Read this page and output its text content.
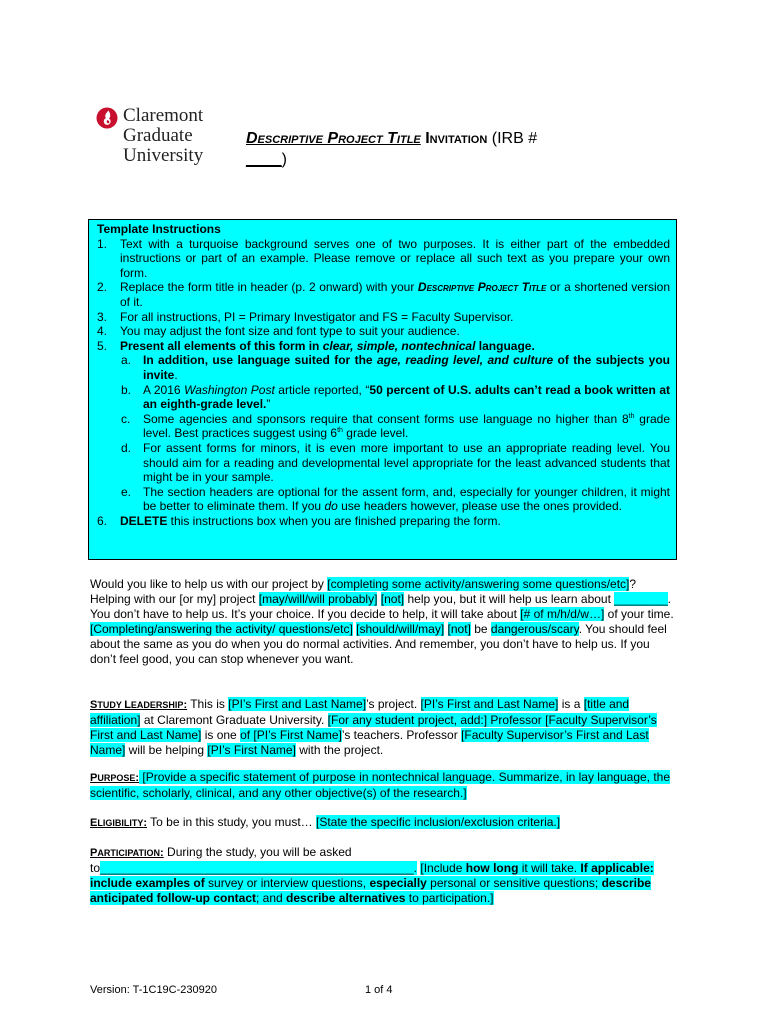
Claremont
Graduate
University
Descriptive Project Title Invitation (IRB #
____)
Template Instructions
1. Text with a turquoise background serves one of two purposes. It is either part of the embedded instructions or part of an example. Please remove or replace all such text as you prepare your own form.
2. Replace the form title in header (p. 2 onward) with your Descriptive Project Title or a shortened version of it.
3. For all instructions, PI = Primary Investigator and FS = Faculty Supervisor.
4. You may adjust the font size and font type to suit your audience.
5. Present all elements of this form in clear, simple, nontechnical language.
a. In addition, use language suited for the age, reading level, and culture of the subjects you invite.
b. A 2016 Washington Post article reported, “50 percent of U.S. adults can’t read a book written at an eighth-grade level.”
c. Some agencies and sponsors require that consent forms use language no higher than 8th grade level. Best practices suggest using 6th grade level.
d. For assent forms for minors, it is even more important to use an appropriate reading level. You should aim for a reading and developmental level appropriate for the least advanced students that might be in your sample.
e. The section headers are optional for the assent form, and, especially for younger children, it might be better to eliminate them. If you do use headers however, please use the ones provided.
6. DELETE this instructions box when you are finished preparing the form.
Would you like to help us with our project by [completing some activity/answering some questions/etc]? Helping with our [or my] project [may/will/will probably] [not] help you, but it will help us learn about ________. You don’t have to help us. It’s your choice. If you decide to help, it will take about [# of m/h/d/w…] of your time. [Completing/answering the activity/ questions/etc] [should/will/may] [not] be dangerous/scary. You should feel about the same as you do when you do normal activities. And remember, you don’t have to help us. If you don’t feel good, you can stop whenever you want.
STUDY LEADERSHIP: This is [PI’s First and Last Name]’s project. [PI’s First and Last Name] is a [title and affiliation] at Claremont Graduate University. [For any student project, add:] Professor [Faculty Supervisor’s First and Last Name] is one of [PI’s First Name]’s teachers. Professor [Faculty Supervisor’s First and Last Name] will be helping [PI’s First Name] with the project.
PURPOSE: [Provide a specific statement of purpose in nontechnical language. Summarize, in lay language, the scientific, scholarly, clinical, and any other objective(s) of the research.]
ELIGIBILITY: To be in this study, you must… [State the specific inclusion/exclusion criteria.]
PARTICIPATION: During the study, you will be asked to_______________________________________________. [Include how long it will take. If applicable: include examples of survey or interview questions, especially personal or sensitive questions; describe anticipated follow-up contact; and describe alternatives to participation.]
Version: T-1C19C-230920	1 of 4
